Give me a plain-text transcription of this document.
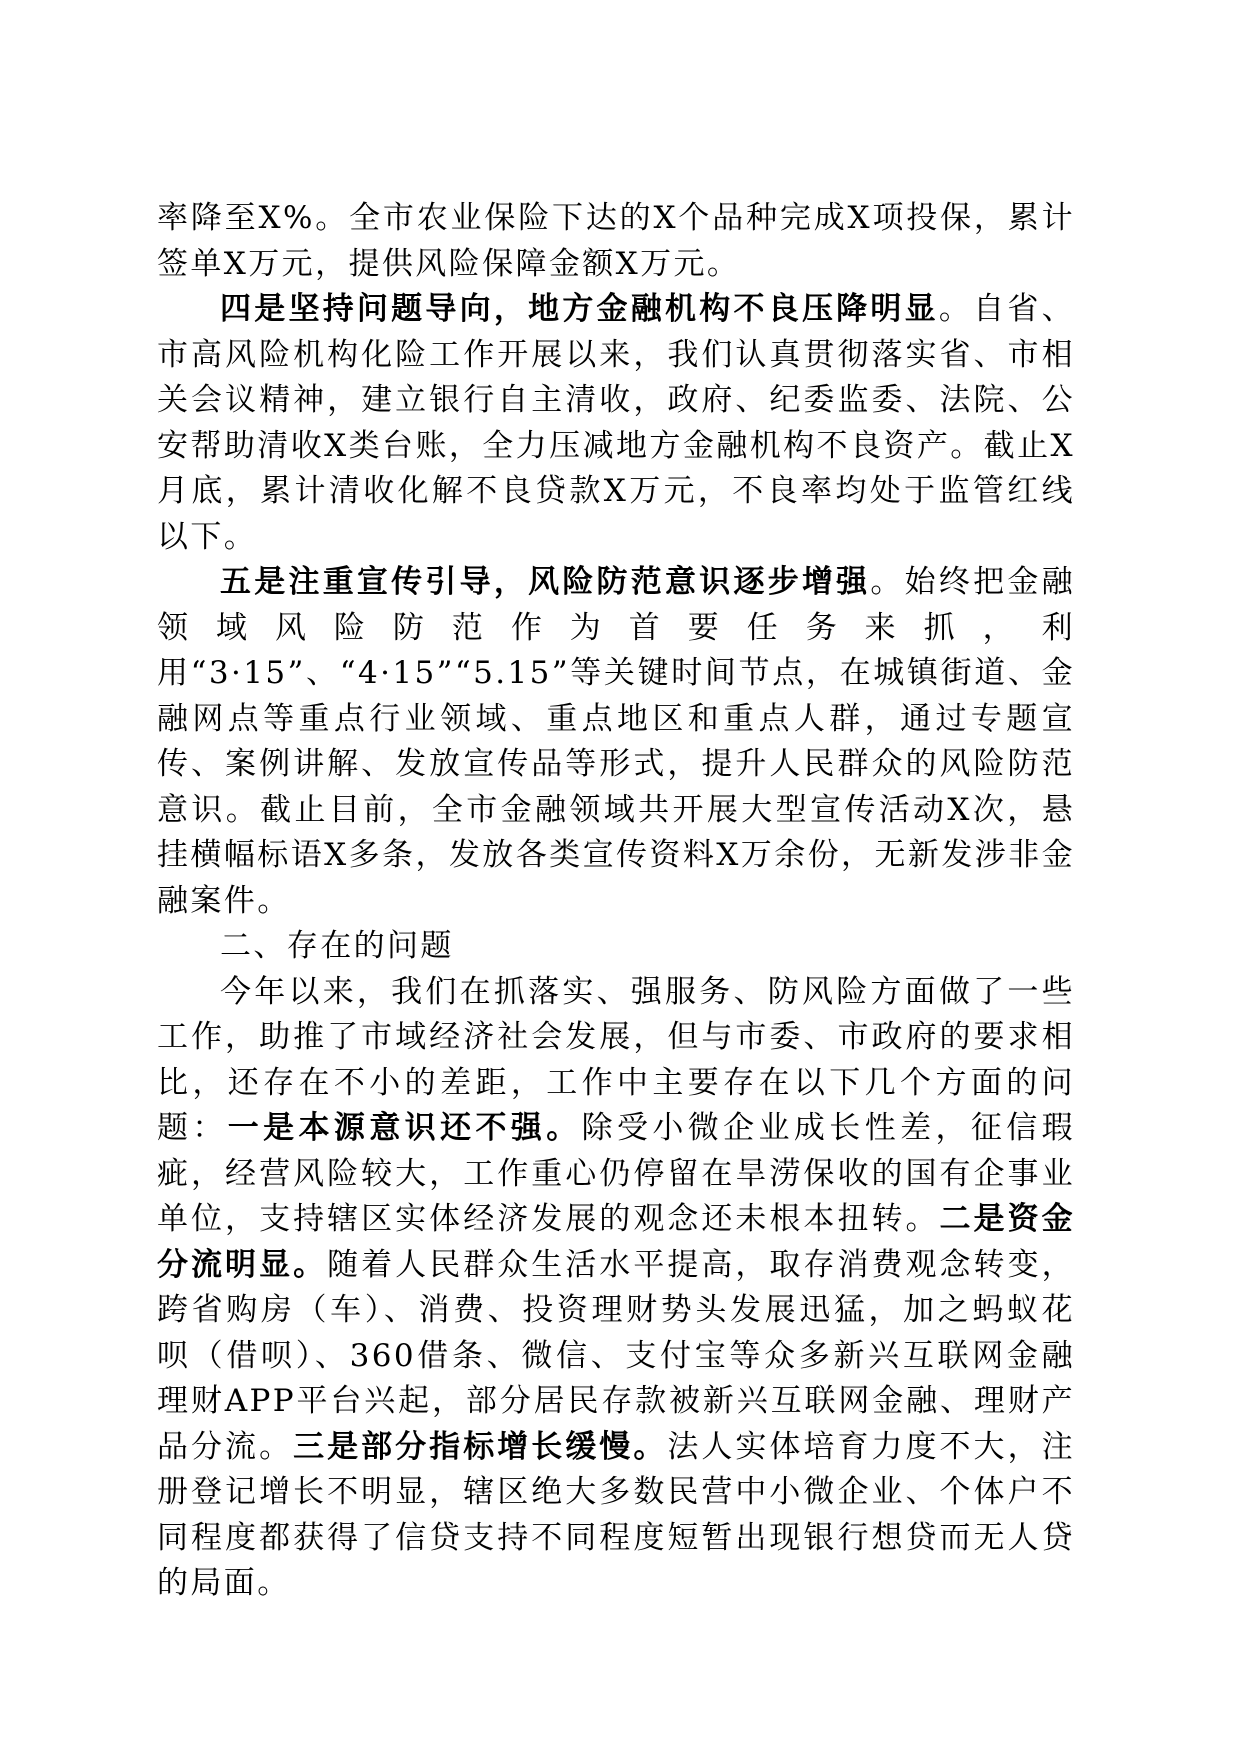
率降至X%。全市农业保险下达的X个品种完成X项投保，累计签单X万元，提供风险保障金额X万元。

四是坚持问题导向，地方金融机构不良压降明显。自省、市高风险机构化险工作开展以来，我们认真贯彻落实省、市相关会议精神，建立银行自主清收，政府、纪委监委、法院、公安帮助清收X类台账，全力压减地方金融机构不良资产。截止X月底，累计清收化解不良贷款X万元，不良率均处于监管红线以下。

五是注重宣传引导，风险防范意识逐步增强。始终把金融领域风险防范作为首要任务来抓，利用“3·15”、“4·15”“5.15”等关键时间节点，在城镇街道、金融网点等重点行业领域、重点地区和重点人群，通过专题宣传、案例讲解、发放宣传品等形式，提升人民群众的风险防范意识。截止目前，全市金融领域共开展大型宣传活动X次，悬挂横幅标语X多条，发放各类宣传资料X万余份，无新发涉非金融案件。

二、存在的问题

今年以来，我们在抓落实、强服务、防风险方面做了一些工作，助推了市域经济社会发展，但与市委、市政府的要求相比，还存在不小的差距，工作中主要存在以下几个方面的问题：一是本源意识还不强。除受小微企业成长性差，征信瑕疵，经营风险较大，工作重心仍停留在旱涝保收的国有企事业单位，支持辖区实体经济发展的观念还未根本扭转。二是资金分流明显。随着人民群众生活水平提高，取存消费观念转变，跨省购房（车）、消费、投资理财势头发展迅猛，加之蚂蚁花呗（借呗）、360借条、微信、支付宝等众多新兴互联网金融理财APP平台兴起，部分居民存款被新兴互联网金融、理财产品分流。三是部分指标增长缓慢。法人实体培育力度不大，注册登记增长不明显，辖区绝大多数民营中小微企业、个体户不同程度都获得了信贷支持不同程度短暂出现银行想贷而无人贷的局面。
